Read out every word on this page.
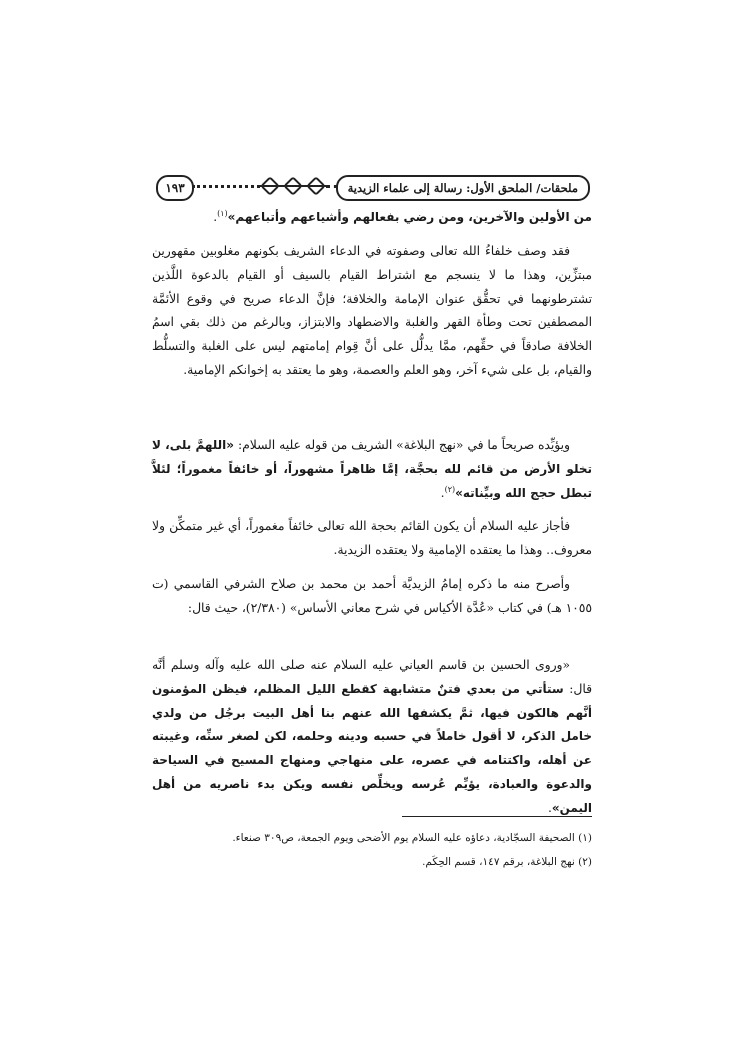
ملحقات/ الملحق الأول: رسالة إلى علماء الزيدية
١٩٣

من الأولين والآخرين، ومن رضي بفعالهم وأشياعهم وأتباعهم»$^{(١)}$.

فقد وصف خلفاءُ الله تعالى وصفوته في الدعاء الشريف بكونهم مغلوبين مقهورين مبتزِّين، وهذا ما لا ينسجم مع اشتراط القيام بالسيف أو القيام بالدعوة اللَّذين تشترطونهما في تحقُّق عنوان الإمامة والخلافة؛ فإنَّ الدعاء صريح في وقوع الأئمَّة المصطفين تحت وطأة القهر والغلبة والاضطهاد والابتزاز، وبالرغم من ذلك بقي اسمُ الخلافة صادقاً في حقِّهم، ممَّا يدلُّل على أنَّ قِوام إمامتهم ليس على الغلبة والتسلُّط والقيام، بل على شيء آخر، وهو العلم والعصمة، وهو ما يعتقد به إخوانكم الإمامية.

ويؤيِّده صريحاً ما في «نهج البلاغة» الشريف من قوله عليه السلام: «اللهمَّ بلى، لا تخلو الأرض من قائم لله بحجَّة، إمَّا ظاهراً مشهوراً، أو خائفاً مغموراً؛ لئلاَّ تبطل حجج الله وبيِّناته»$^{(٢)}$.

فأجاز عليه السلام أن يكون القائم بحجة الله تعالى خائفاً مغموراً، أي غير متمكِّن ولا معروف.. وهذا ما يعتقده الإمامية ولا يعتقده الزيدية.

وأصرح منه ما ذكره إمامُ الزيديَّة أحمد بن محمد بن صلاح الشرفي القاسمي (ت ١٠٥٥ هـ) في كتاب «عُدَّة الأكياس في شرح معاني الأساس» (٢/٣٨٠)، حيث قال:

«وروى الحسين بن قاسم العياني عليه السلام عنه صلى الله عليه وآله وسلم أنَّه قال: ستأتي من بعدي فتنٌ متشابهة كقطع الليل المظلم، فيظن المؤمنون أنَّهم هالكون فيها، ثمَّ يكشفها الله عنهم بنا أهل البيت برجُل من ولدي خامل الذكر، لا أقول خاملاً في حسبه ودينه وحلمه، لكن لصغر سنِّه، وغيبته عن أهله، واكتتامه في عصره، على منهاجي ومنهاج المسيح في السياحة والدعوة والعبادة، يؤيِّم عُرسه ويخلِّص نفسه ويكن بدء ناصريه من أهل اليمن».

(١) الصحيفة السجّادية، دعاؤه عليه السلام يوم الأضحى ويوم الجمعة، ص٣٠٩ صنعاء.
(٢) نهج البلاغة، برقم ١٤٧، قسم الحِكَم.
